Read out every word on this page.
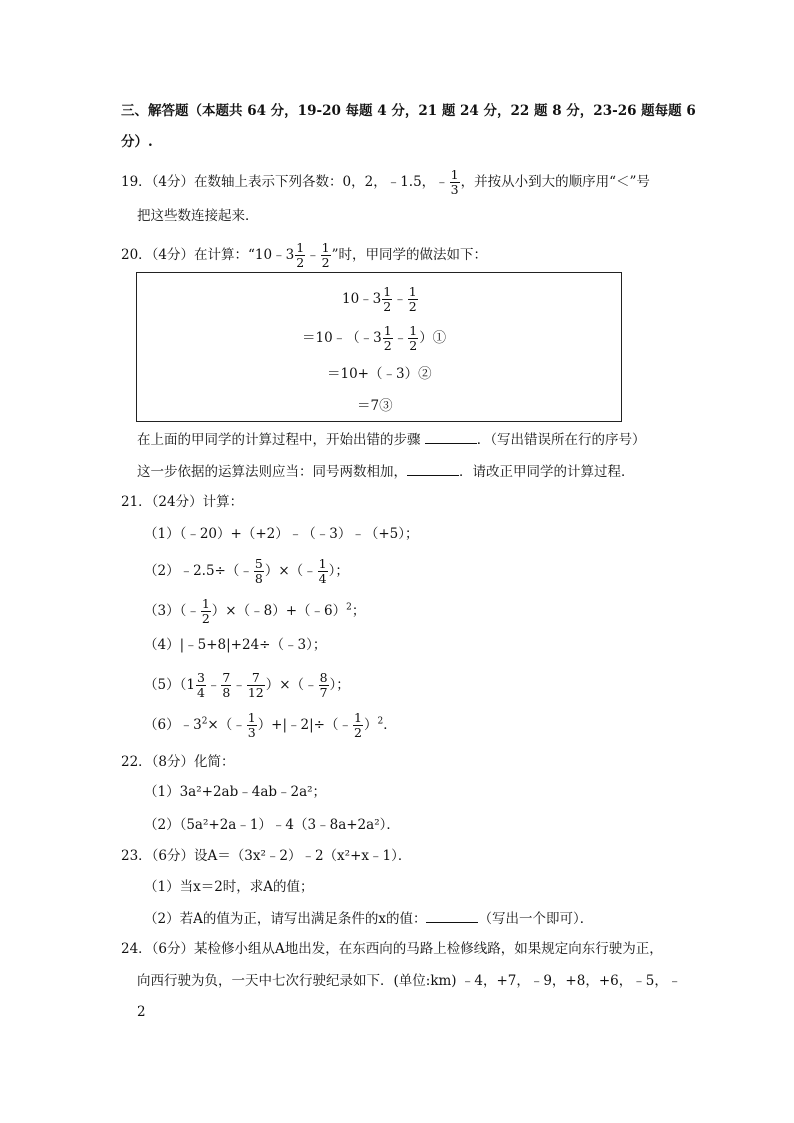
三、解答题（本题共 64 分，19-20 每题 4 分，21 题 24 分，22 题 8 分，23-26 题每题 6
分）.
19．（4分）在数轴上表示下列各数：0，2，﹣1.5，﹣ $\frac{1}{3}$ ，并按从小到大的顺序用“＜”号
把这些数连接起来．
20．（4分）在计算：“10﹣3 $\frac{1}{2}$ ﹣ $\frac{1}{2}$ ”时，甲同学的做法如下：
10﹣3 $\frac{1}{2}$ ﹣ $\frac{1}{2}$
＝10﹣（﹣3 $\frac{1}{2}$ ﹣ $\frac{1}{2}$ ）①
＝10+（﹣3）②
＝7③
在上面的甲同学的计算过程中，开始出错的步骤	．（写出错误所在行的序号）
这一步依据的运算法则应当：同号两数相加，	．请改正甲同学的计算过程．
21．（24分）计算：
（1）（﹣20）+（+2）﹣（﹣3）﹣（+5）；
（2）﹣2.5÷（﹣ $\frac{5}{8}$ ）×（﹣ $\frac{1}{4}$ ）；
（3）（﹣ $\frac{1}{2}$ ）×（﹣8）+（﹣6）$^2$；
（4）|﹣5+8|+24÷（﹣3）；
$(5)(1 \frac{3}{4}$ ﹣ $\frac{7}{8}$ ﹣ $\frac{7}{12}$ ）×（﹣ $\frac{8}{7}$ ）；
$(6)﹣3^2\times(﹣ \frac{1}{3}$ ）+|﹣2|÷（﹣ $\frac{1}{2} )^2$．
22．（8分）化简：
（1）3a²+2ab﹣4ab﹣2a²；
（2）（5a²+2a﹣1）﹣4（3﹣8a+2a²）．
23．（6分）设A＝（3x²﹣2）﹣2（x²+x﹣1）．
（1）当x＝2时，求A的值；
（2）若A的值为正，请写出满足条件的x的值：	（写出一个即可）．
24．（6分）某检修小组从A地出发，在东西向的马路上检修线路，如果规定向东行驶为正，
向西行驶为负，一天中七次行驶纪录如下．(单位:km) ﹣4，+7，﹣9，+8，+6，﹣5，﹣
2
